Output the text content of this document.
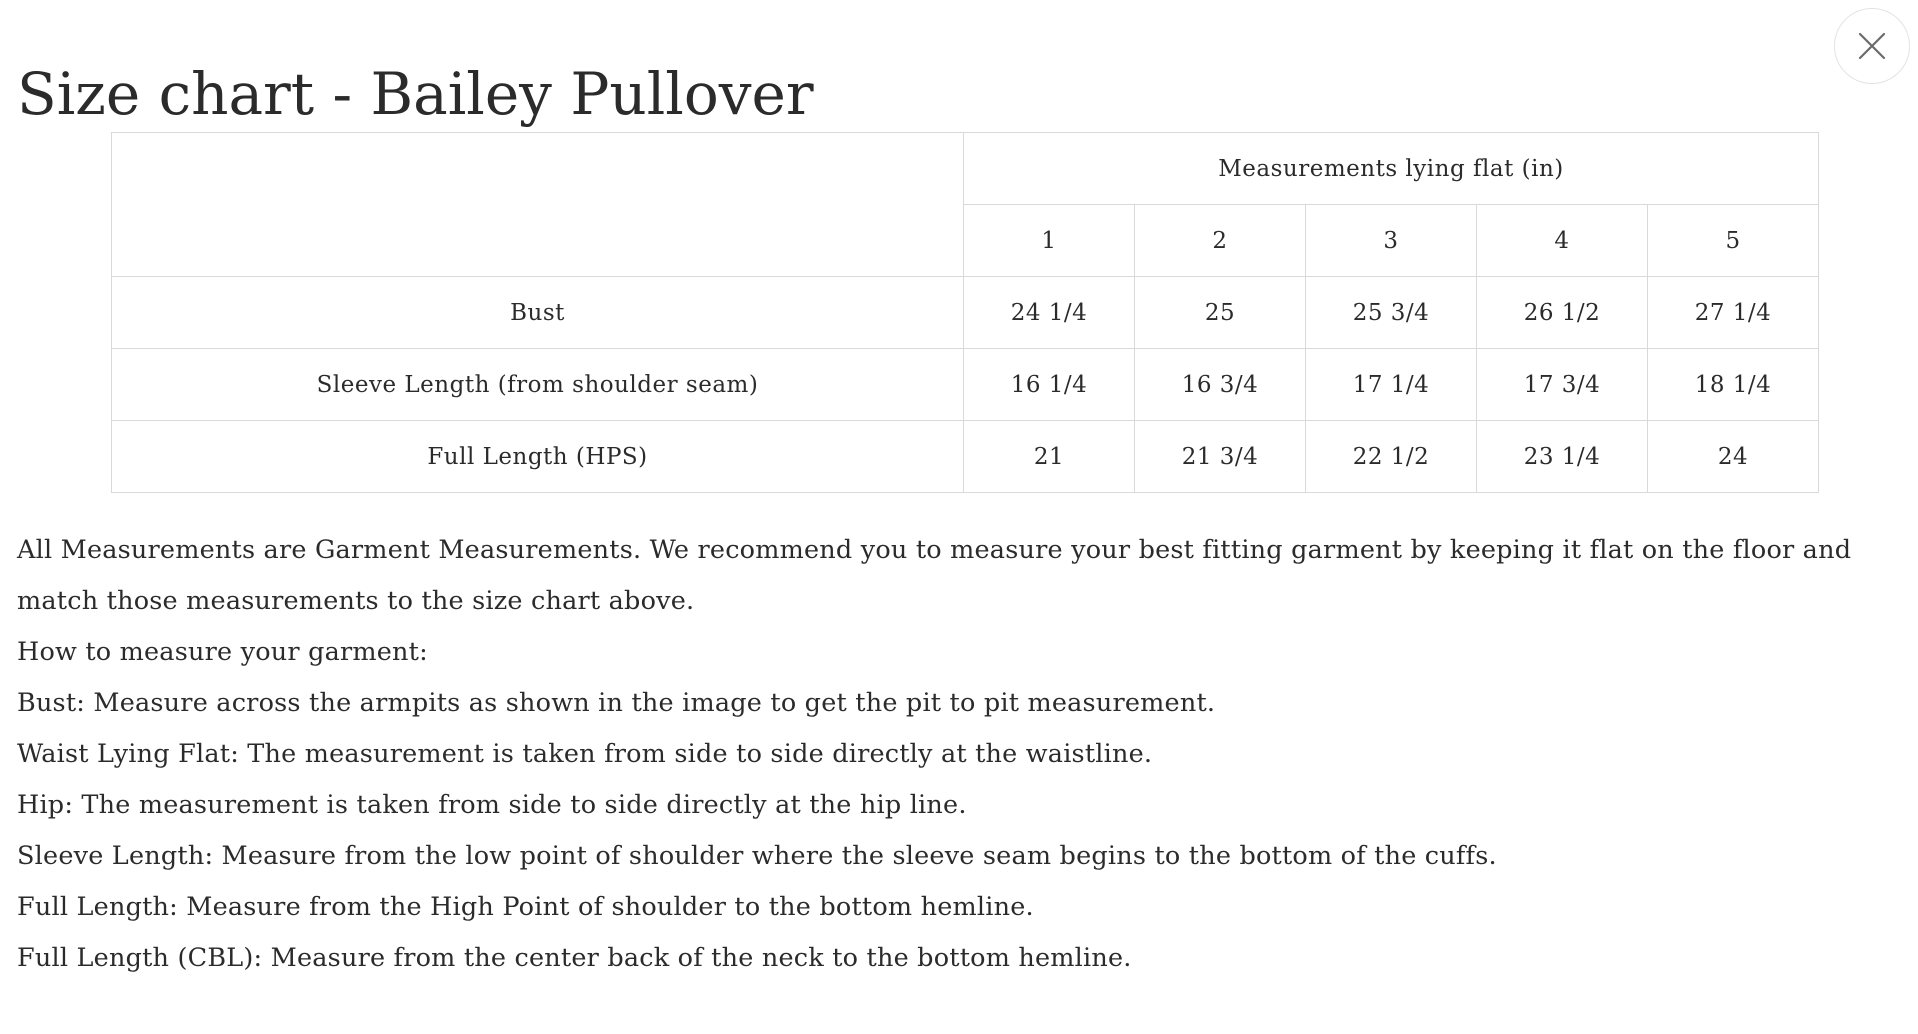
Size chart - Bailey Pullover
	Measurements lying flat (in)				
	1	2	3	4	5
Bust	24 1/4	25	25 3/4	26 1/2	27 1/4
Sleeve Length (from shoulder seam)	16 1/4	16 3/4	17 1/4	17 3/4	18 1/4
Full Length (HPS)	21	21 3/4	22 1/2	23 1/4	24

All Measurements are Garment Measurements. We recommend you to measure your best fitting garment by keeping it flat on the floor and match those measurements to the size chart above.

How to measure your garment:

Bust: Measure across the armpits as shown in the image to get the pit to pit measurement.

Waist Lying Flat: The measurement is taken from side to side directly at the waistline.

Hip: The measurement is taken from side to side directly at the hip line.

Sleeve Length: Measure from the low point of shoulder where the sleeve seam begins to the bottom of the cuffs.

Full Length: Measure from the High Point of shoulder to the bottom hemline.

Full Length (CBL): Measure from the center back of the neck to the bottom hemline.
